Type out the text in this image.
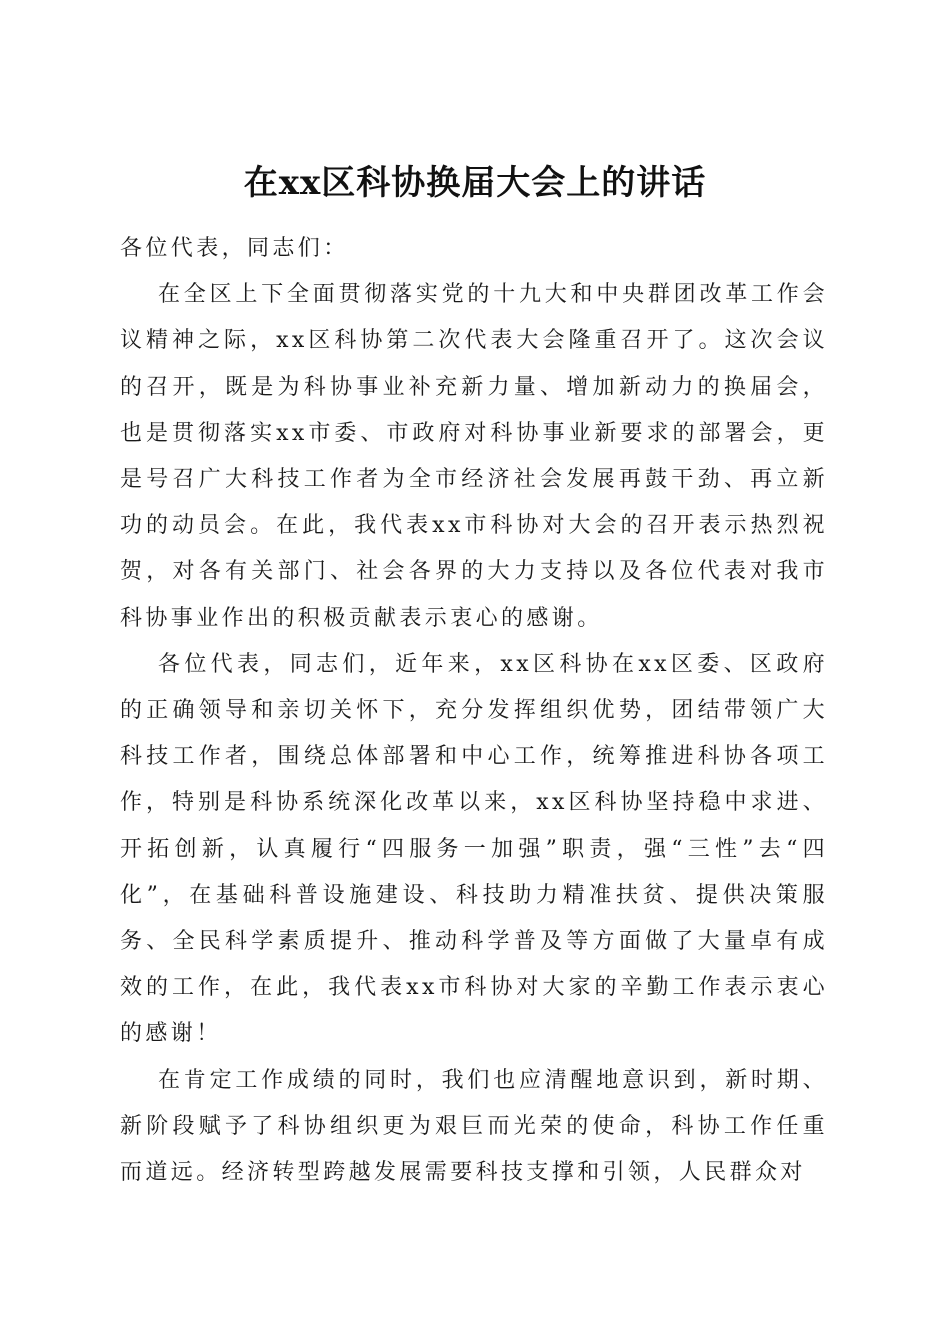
在xx区科协换届大会上的讲话

各位代表，同志们：

在全区上下全面贯彻落实党的十九大和中央群团改革工作会议精神之际，xx区科协第二次代表大会隆重召开了。这次会议的召开，既是为科协事业补充新力量、增加新动力的换届会，也是贯彻落实xx市委、市政府对科协事业新要求的部署会，更是号召广大科技工作者为全市经济社会发展再鼓干劲、再立新功的动员会。在此，我代表xx市科协对大会的召开表示热烈祝贺，对各有关部门、社会各界的大力支持以及各位代表对我市科协事业作出的积极贡献表示衷心的感谢。

各位代表，同志们，近年来，xx区科协在xx区委、区政府的正确领导和亲切关怀下，充分发挥组织优势，团结带领广大科技工作者，围绕总体部署和中心工作，统筹推进科协各项工作，特别是科协系统深化改革以来，xx区科协坚持稳中求进、开拓创新，认真履行“四服务一加强”职责，强“三性”去“四化”，在基础科普设施建设、科技助力精准扶贫、提供决策服务、全民科学素质提升、推动科学普及等方面做了大量卓有成效的工作，在此，我代表xx市科协对大家的辛勤工作表示衷心的感谢！

在肯定工作成绩的同时，我们也应清醒地意识到，新时期、新阶段赋予了科协组织更为艰巨而光荣的使命，科协工作任重而道远。经济转型跨越发展需要科技支撑和引领，人民群众对
